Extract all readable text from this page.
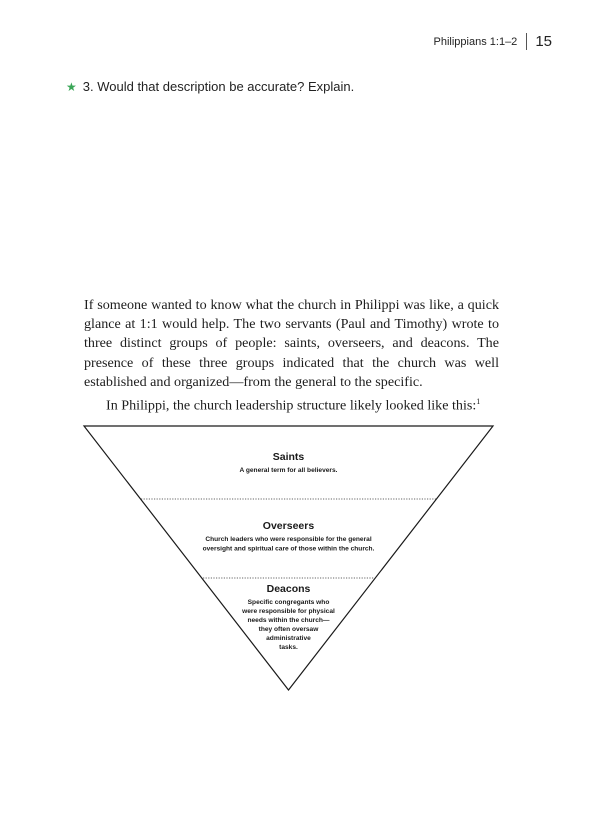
Philippians 1:1–2 15
★ 3. Would that description be accurate? Explain.

If someone wanted to know what the church in Philippi was like, a quick glance at 1:1 would help. The two servants (Paul and Timothy) wrote to three distinct groups of people: saints, overseers, and deacons. The presence of these three groups indicated that the church was well established and organized—from the general to the specific.

In Philippi, the church leadership structure likely looked like this:$^1$

Saints
A general term for all believers.
Overseers
Church leaders who were responsible for the general
oversight and spiritual care of those within the church.
Deacons
Specific congregants who
were responsible for physical
needs within the church—
they often oversaw
administrative
tasks.
